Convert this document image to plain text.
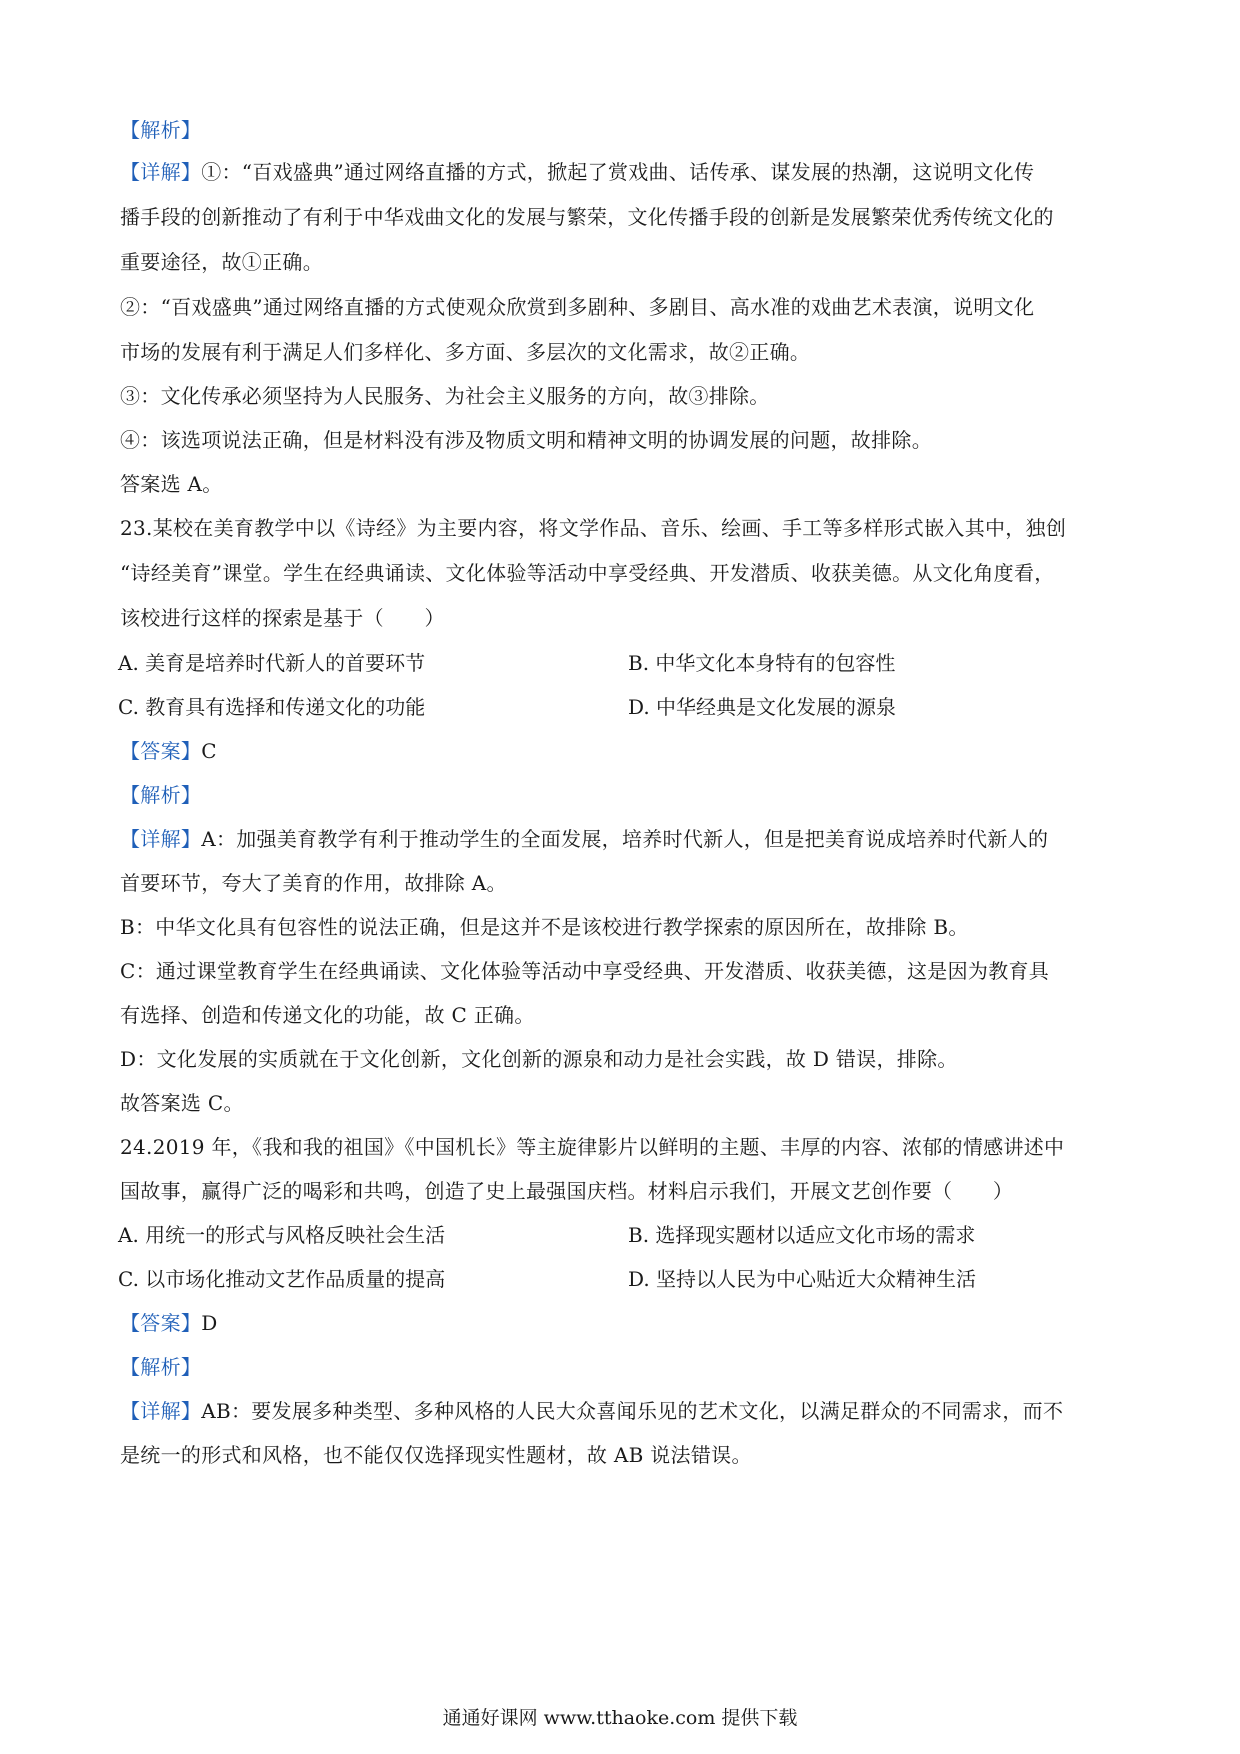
【解析】
【详解】①：“百戏盛典”通过网络直播的方式，掀起了赏戏曲、话传承、谋发展的热潮，这说明文化传
播手段的创新推动了有利于中华戏曲文化的发展与繁荣，文化传播手段的创新是发展繁荣优秀传统文化的
重要途径，故①正确。
②：“百戏盛典”通过网络直播的方式使观众欣赏到多剧种、多剧目、高水准的戏曲艺术表演，说明文化
市场的发展有利于满足人们多样化、多方面、多层次的文化需求，故②正确。
③：文化传承必须坚持为人民服务、为社会主义服务的方向，故③排除。
④：该选项说法正确，但是材料没有涉及物质文明和精神文明的协调发展的问题，故排除。
答案选 A。
23.某校在美育教学中以《诗经》为主要内容，将文学作品、音乐、绘画、手工等多样形式嵌入其中，独创
“诗经美育”课堂。学生在经典诵读、文化体验等活动中享受经典、开发潜质、收获美德。从文化角度看，
该校进行这样的探索是基于（　　）
A. 美育是培养时代新人的首要环节	B. 中华文化本身特有的包容性
C. 教育具有选择和传递文化的功能	D. 中华经典是文化发展的源泉
【答案】C
【解析】
【详解】A：加强美育教学有利于推动学生的全面发展，培养时代新人，但是把美育说成培养时代新人的
首要环节，夸大了美育的作用，故排除 A。
B：中华文化具有包容性的说法正确，但是这并不是该校进行教学探索的原因所在，故排除 B。
C：通过课堂教育学生在经典诵读、文化体验等活动中享受经典、开发潜质、收获美德，这是因为教育具
有选择、创造和传递文化的功能，故 C 正确。
D：文化发展的实质就在于文化创新，文化创新的源泉和动力是社会实践，故 D 错误，排除。
故答案选 C。
24.2019 年，《我和我的祖国》《中国机长》等主旋律影片以鲜明的主题、丰厚的内容、浓郁的情感讲述中
国故事，赢得广泛的喝彩和共鸣，创造了史上最强国庆档。材料启示我们，开展文艺创作要（　　）
A. 用统一的形式与风格反映社会生活	B. 选择现实题材以适应文化市场的需求
C. 以市场化推动文艺作品质量的提高	D. 坚持以人民为中心贴近大众精神生活
【答案】D
【解析】
【详解】AB：要发展多种类型、多种风格的人民大众喜闻乐见的艺术文化，以满足群众的不同需求，而不
是统一的形式和风格，也不能仅仅选择现实性题材，故 AB 说法错误。
通通好课网 www.tthaoke.com 提供下载
